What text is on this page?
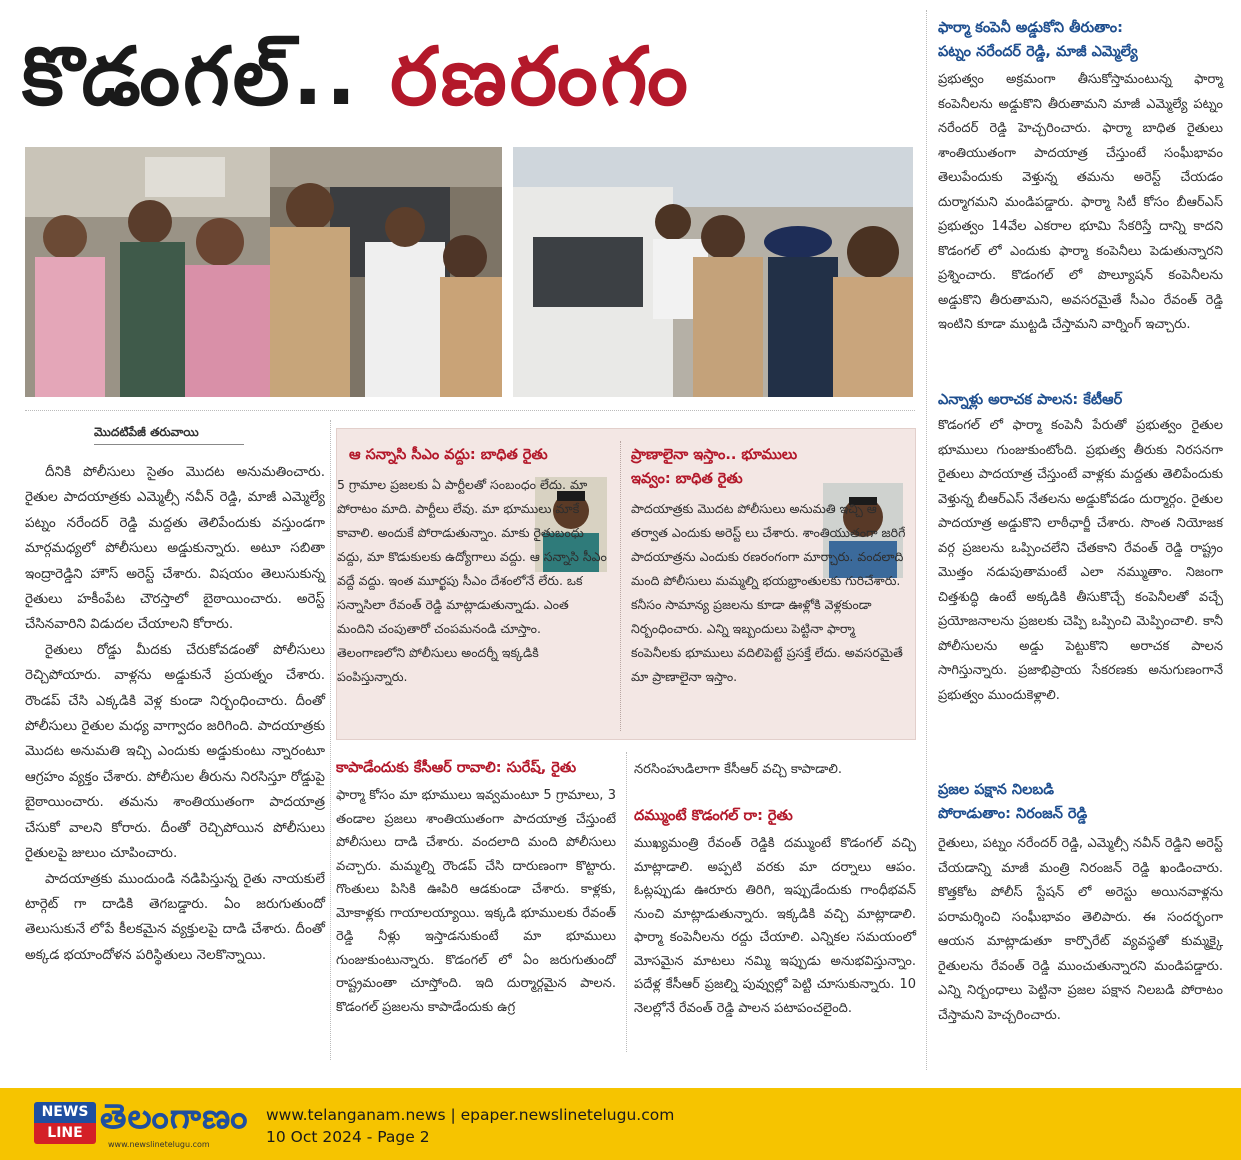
కొడంగల్.. రణరంగం
మొదటిపేజీ తరువాయి

దీనికి పోలీసులు సైతం మొదట అనుమతించారు. రైతుల పాదయాత్రకు ఎమ్మెల్సీ నవీన్ రెడ్డి, మాజీ ఎమ్మెల్యే పట్నం నరేందర్ రెడ్డి మద్దతు తెలిపేందుకు వస్తుండగా మార్గమధ్యలో పోలీసులు అడ్డుకున్నారు. అటూ సబితా ఇంద్రారెడ్డిని హౌస్ అరెస్ట్ చేశారు. విషయం తెలుసుకున్న రైతులు హకీంపేట చౌరస్తాలో బైఠాయించారు. అరెస్ట్ చేసినవారిని విడుదల చేయాలని కోరారు.

రైతులు రోడ్డు మీదకు చేరుకోవడంతో పోలీసులు రెచ్చిపోయారు. వాళ్లను అడ్డుకునే ప్రయత్నం చేశారు. రౌండప్ చేసి ఎక్కడికి వెళ్ల కుండా నిర్బంధించారు. దీంతో పోలీసులు రైతుల మధ్య వాగ్వాదం జరిగింది. పాదయాత్రకు మొదట అనుమతి ఇచ్చి ఎందుకు అడ్డుకుంటు న్నారంటూ ఆగ్రహం వ్యక్తం చేశారు. పోలీసుల తీరును నిరసిస్తూ రోడ్డుపై బైఠాయించారు. తమను శాంతియుతంగా పాదయాత్ర చేసుకో వాలని కోరారు. దీంతో రెచ్చిపోయిన పోలీసులు రైతులపై జులుం చూపించారు.

పాదయాత్రకు ముందుండి నడిపిస్తున్న రైతు నాయకులే టార్గెట్ గా దాడికి తెగబడ్డారు. ఏం జరుగుతుందో తెలుసుకునే లోపే కీలకమైన వ్యక్తులపై దాడి చేశారు. దీంతో అక్కడ భయాందోళన పరిస్థితులు నెలకొన్నాయి.

ఆ సన్నాసి సీఎం వద్దు: బాధిత రైతు
5 గ్రామాల ప్రజలకు ఏ పార్టీలతో సంబంధం లేదు. మా పోరాటం మాది. పార్టీలు లేవు. మా భూములు మాకే కావాలి. అందుకే పోరాడుతున్నాం. మాకు రైతుబంధు వద్దు, మా కొడుకులకు ఉద్యోగాలు వద్దు. ఆ సన్నాసి సీఎం వద్దే వద్దు. ఇంత మూర్ఖపు సీఎం దేశంలోనే లేరు. ఒక సన్నాసిలా రేవంత్ రెడ్డి మాట్లాడుతున్నాడు. ఎంత మందిని చంపుతారో చంపమనండి చూస్తాం. తెలంగాణలోని పోలీసులు అందర్నీ ఇక్కడికి పంపిస్తున్నారు.
ప్రాణాలైనా ఇస్తాం.. భూములు
ఇవ్వం: బాధిత రైతు
పాదయాత్రకు మొదట పోలీసులు అనుమతి ఇచ్చి ఆ తర్వాత ఎందుకు అరెస్ట్ లు చేశారు. శాంతియుతంగా జరిగే పాదయాత్రను ఎందుకు రణరంగంగా మార్చారు. వందలాది మంది పోలీసులు మమ్మల్ని భయభ్రాంతులకు గురిచేశారు. కనీసం సామాన్య ప్రజలను కూడా ఊళ్లోకి వెళ్లకుండా నిర్బంధించారు. ఎన్ని ఇబ్బందులు పెట్టినా ఫార్మా కంపెనీలకు భూములు వదిలిపెట్టే ప్రసక్తే లేదు. అవసరమైతే మా ప్రాణాలైనా ఇస్తాం.
కాపాడేందుకు కేసీఆర్ రావాలి: సురేష్, రైతు
ఫార్మా కోసం మా భూములు ఇవ్వమంటూ 5 గ్రామాలు, 3 తండాల ప్రజలు శాంతియుతంగా పాదయాత్ర చేస్తుంటే పోలీసులు దాడి చేశారు. వందలాది మంది పోలీసులు వచ్చారు. మమ్మల్ని రౌండప్ చేసి దారుణంగా కొట్టారు. గొంతులు పిసికి ఊపిరి ఆడకుండా చేశారు. కాళ్లకు, మోకాళ్లకు గాయాలయ్యాయి. ఇక్కడి భూములకు రేవంత్ రెడ్డి నీళ్లు ఇస్తాడనుకుంటే మా భూములు గుంజుకుంటున్నారు. కొడంగల్ లో ఏం జరుగుతుందో రాష్ట్రమంతా చూస్తోంది. ఇది దుర్మార్గమైన పాలన. కొడంగల్ ప్రజలను కాపాడేందుకు ఉగ్ర
నరసింహుడిలాగా కేసీఆర్ వచ్చి కాపాడాలి.
దమ్ముంటే కొడంగల్ రా: రైతు
ముఖ్యమంత్రి రేవంత్ రెడ్డికి దమ్ముంటే కొడంగల్ వచ్చి మాట్లాడాలి. అప్పటి వరకు మా దర్నాలు ఆపం. ఓట్లప్పుడు ఊరూరు తిరిగి, ఇప్పుడేందుకు గాంధీభవన్ నుంచి మాట్లాడుతున్నారు. ఇక్కడికి వచ్చి మాట్లాడాలి. ఫార్మా కంపెనీలను రద్దు చేయాలి. ఎన్నికల సమయంలో మోసమైన మాటలు నమ్మి ఇప్పుడు అనుభవిస్తున్నాం. పదేళ్ల కేసీఆర్ ప్రజల్ని పువ్వుల్లో పెట్టి చూసుకున్నారు. 10 నెలల్లోనే రేవంత్ రెడ్డి పాలన పటాపంచలైంది.
ఫార్మా కంపెనీ అడ్డుకోని తీరుతాం:
పట్నం నరేందర్ రెడ్డి, మాజీ ఎమ్మెల్యే
ప్రభుత్వం అక్రమంగా తీసుకోస్తామంటున్న ఫార్మా కంపెనీలను అడ్డుకొని తీరుతామని మాజీ ఎమ్మెల్యే పట్నం నరేందర్ రెడ్డి హెచ్చరించారు. ఫార్మా బాధిత రైతులు శాంతియుతంగా పాదయాత్ర చేస్తుంటే సంఘీభావం తెలుపేందుకు వెళ్తున్న తమను అరెస్ట్ చేయడం దుర్మాగమని మండిపడ్డారు. ఫార్మా సిటీ కోసం బీఆర్ఎస్ ప్రభుత్వం 14వేల ఎకరాల భూమి సేకరిస్తే దాన్ని కాదని కొడంగల్ లో ఎందుకు ఫార్మా కంపెనీలు పెడుతున్నారని ప్రశ్నించారు. కొడంగల్ లో పొల్యూషన్ కంపెనీలను అడ్డుకొని తీరుతామని, అవసరమైతే సీఎం రేవంత్ రెడ్డి ఇంటిని కూడా ముట్టడి చేస్తామని వార్నింగ్ ఇచ్చారు.
ఎన్నాళ్లు అరాచక పాలన: కేటీఆర్
కొడంగల్ లో ఫార్మా కంపెనీ పేరుతో ప్రభుత్వం రైతుల భూములు గుంజుకుంటోంది. ప్రభుత్వ తీరుకు నిరసనగా రైతులు పాదయాత్ర చేస్తుంటే వాళ్లకు మద్దతు తెలిపేందుకు వెళ్తున్న బీఆర్ఎస్ నేతలను అడ్డుకోవడం దుర్మార్గం. రైతుల పాదయాత్ర అడ్డుకొని లాఠీఛార్జీ చేశారు. సొంత నియోజక వర్గ ప్రజలను ఒప్పించలేని చేతకాని రేవంత్ రెడ్డి రాష్ట్రం మొత్తం నడుపుతామంటే ఎలా నమ్ముతాం. నిజంగా చిత్తశుద్ధి ఉంటే అక్కడికి తీసుకొచ్చే కంపెనీలతో వచ్చే ప్రయోజనాలను ప్రజలకు చెప్పి ఒప్పించి మెప్పించాలి. కానీ పోలీసులను అడ్డు పెట్టుకొని అరాచక పాలన సాగిస్తున్నారు. ప్రజాభిప్రాయ సేకరణకు అనుగుణంగానే ప్రభుత్వం ముందుకెళ్లాలి.
ప్రజల పక్షాన నిలబడి
పోరాడుతాం: నిరంజన్ రెడ్డి
రైతులు, పట్నం నరేందర్ రెడ్డి, ఎమ్మెల్సీ నవీన్ రెడ్డిని అరెస్ట్ చేయడాన్ని మాజీ మంత్రి నిరంజన్ రెడ్డి ఖండించారు. కొత్తకోట పోలీస్ స్టేషన్ లో అరెస్టు అయినవాళ్లను పరామర్శించి సంఘీభావం తెలిపారు. ఈ సందర్భంగా ఆయన మాట్లాడుతూ కార్పొరేట్ వ్యవస్థతో కుమ్మక్కై రైతులను రేవంత్ రెడ్డి ముంచుతున్నారని మండిపడ్డారు. ఎన్ని నిర్బంధాలు పెట్టినా ప్రజల పక్షాన నిలబడి పోరాటం చేస్తామని హెచ్చరించారు.
NEWS
LINE తెలంగాణం
www.newslinetelugu.com
www.telanganam.news | epaper.newslinetelugu.com
10 Oct 2024 - Page 2
